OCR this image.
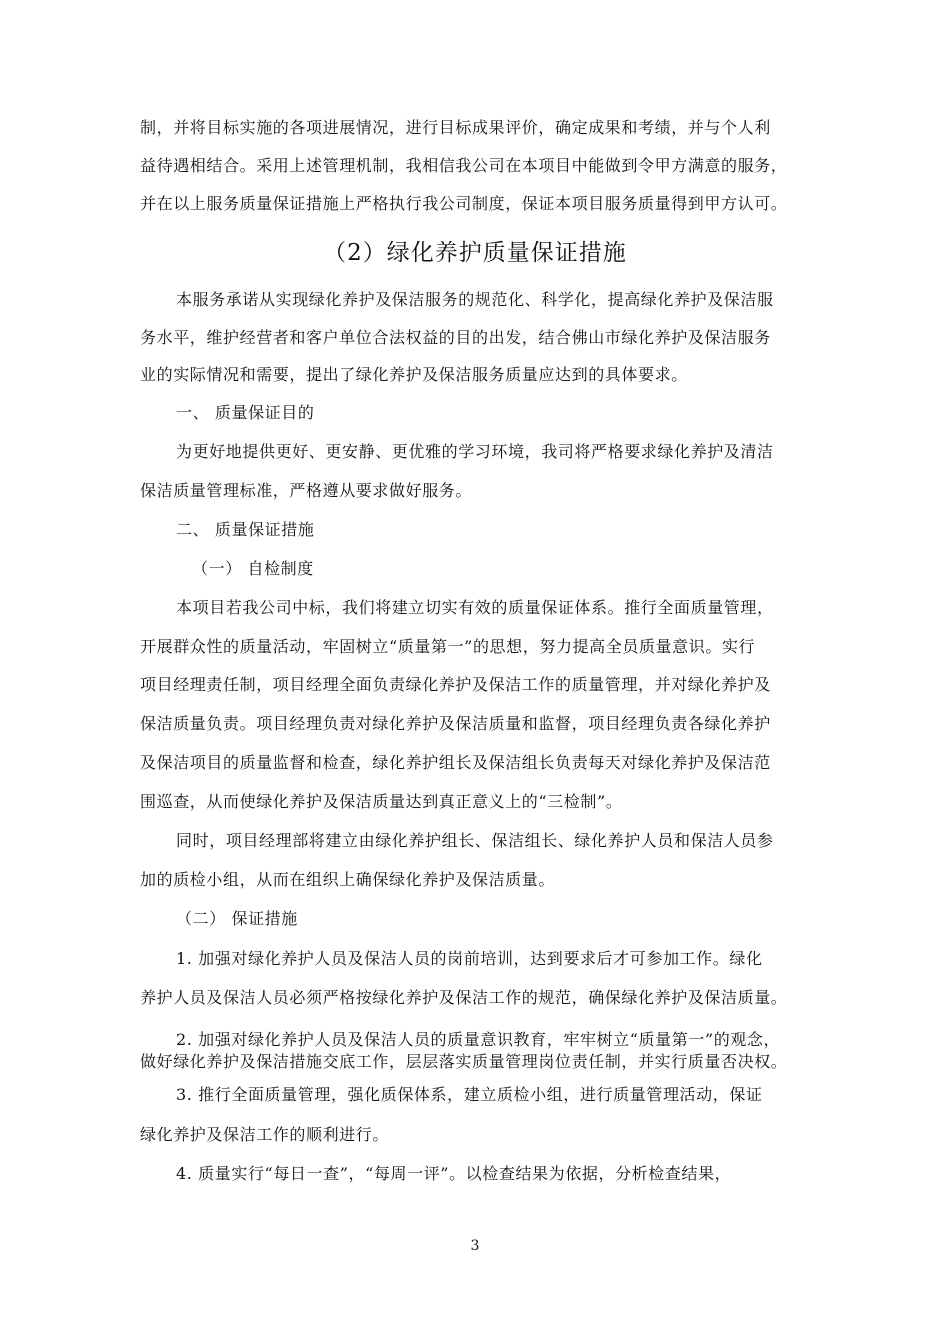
制，并将目标实施的各项进展情况，进行目标成果评价，确定成果和考绩，并与个人利
益待遇相结合。采用上述管理机制，我相信我公司在本项目中能做到令甲方满意的服务，
并在以上服务质量保证措施上严格执行我公司制度，保证本项目服务质量得到甲方认可。
（2）绿化养护质量保证措施
本服务承诺从实现绿化养护及保洁服务的规范化、科学化，提高绿化养护及保洁服
务水平，维护经营者和客户单位合法权益的目的出发，结合佛山市绿化养护及保洁服务
业的实际情况和需要，提出了绿化养护及保洁服务质量应达到的具体要求。
一、 质量保证目的
为更好地提供更好、更安静、更优雅的学习环境，我司将严格要求绿化养护及清洁
保洁质量管理标准，严格遵从要求做好服务。
二、 质量保证措施
（一） 自检制度
本项目若我公司中标，我们将建立切实有效的质量保证体系。推行全面质量管理，
开展群众性的质量活动，牢固树立“质量第一”的思想，努力提高全员质量意识。实行
项目经理责任制，项目经理全面负责绿化养护及保洁工作的质量管理，并对绿化养护及
保洁质量负责。项目经理负责对绿化养护及保洁质量和监督，项目经理负责各绿化养护
及保洁项目的质量监督和检查，绿化养护组长及保洁组长负责每天对绿化养护及保洁范
围巡查，从而使绿化养护及保洁质量达到真正意义上的“三检制”。
同时，项目经理部将建立由绿化养护组长、保洁组长、绿化养护人员和保洁人员参
加的质检小组，从而在组织上确保绿化养护及保洁质量。
（二） 保证措施
1. 加强对绿化养护人员及保洁人员的岗前培训，达到要求后才可参加工作。绿化
养护人员及保洁人员必须严格按绿化养护及保洁工作的规范，确保绿化养护及保洁质量。
2. 加强对绿化养护人员及保洁人员的质量意识教育，牢牢树立“质量第一”的观念，
做好绿化养护及保洁措施交底工作，层层落实质量管理岗位责任制，并实行质量否决权。
3. 推行全面质量管理，强化质保体系，建立质检小组，进行质量管理活动，保证
绿化养护及保洁工作的顺利进行。
4. 质量实行“每日一查”，“每周一评”。以检查结果为依据，分析检查结果，
3
